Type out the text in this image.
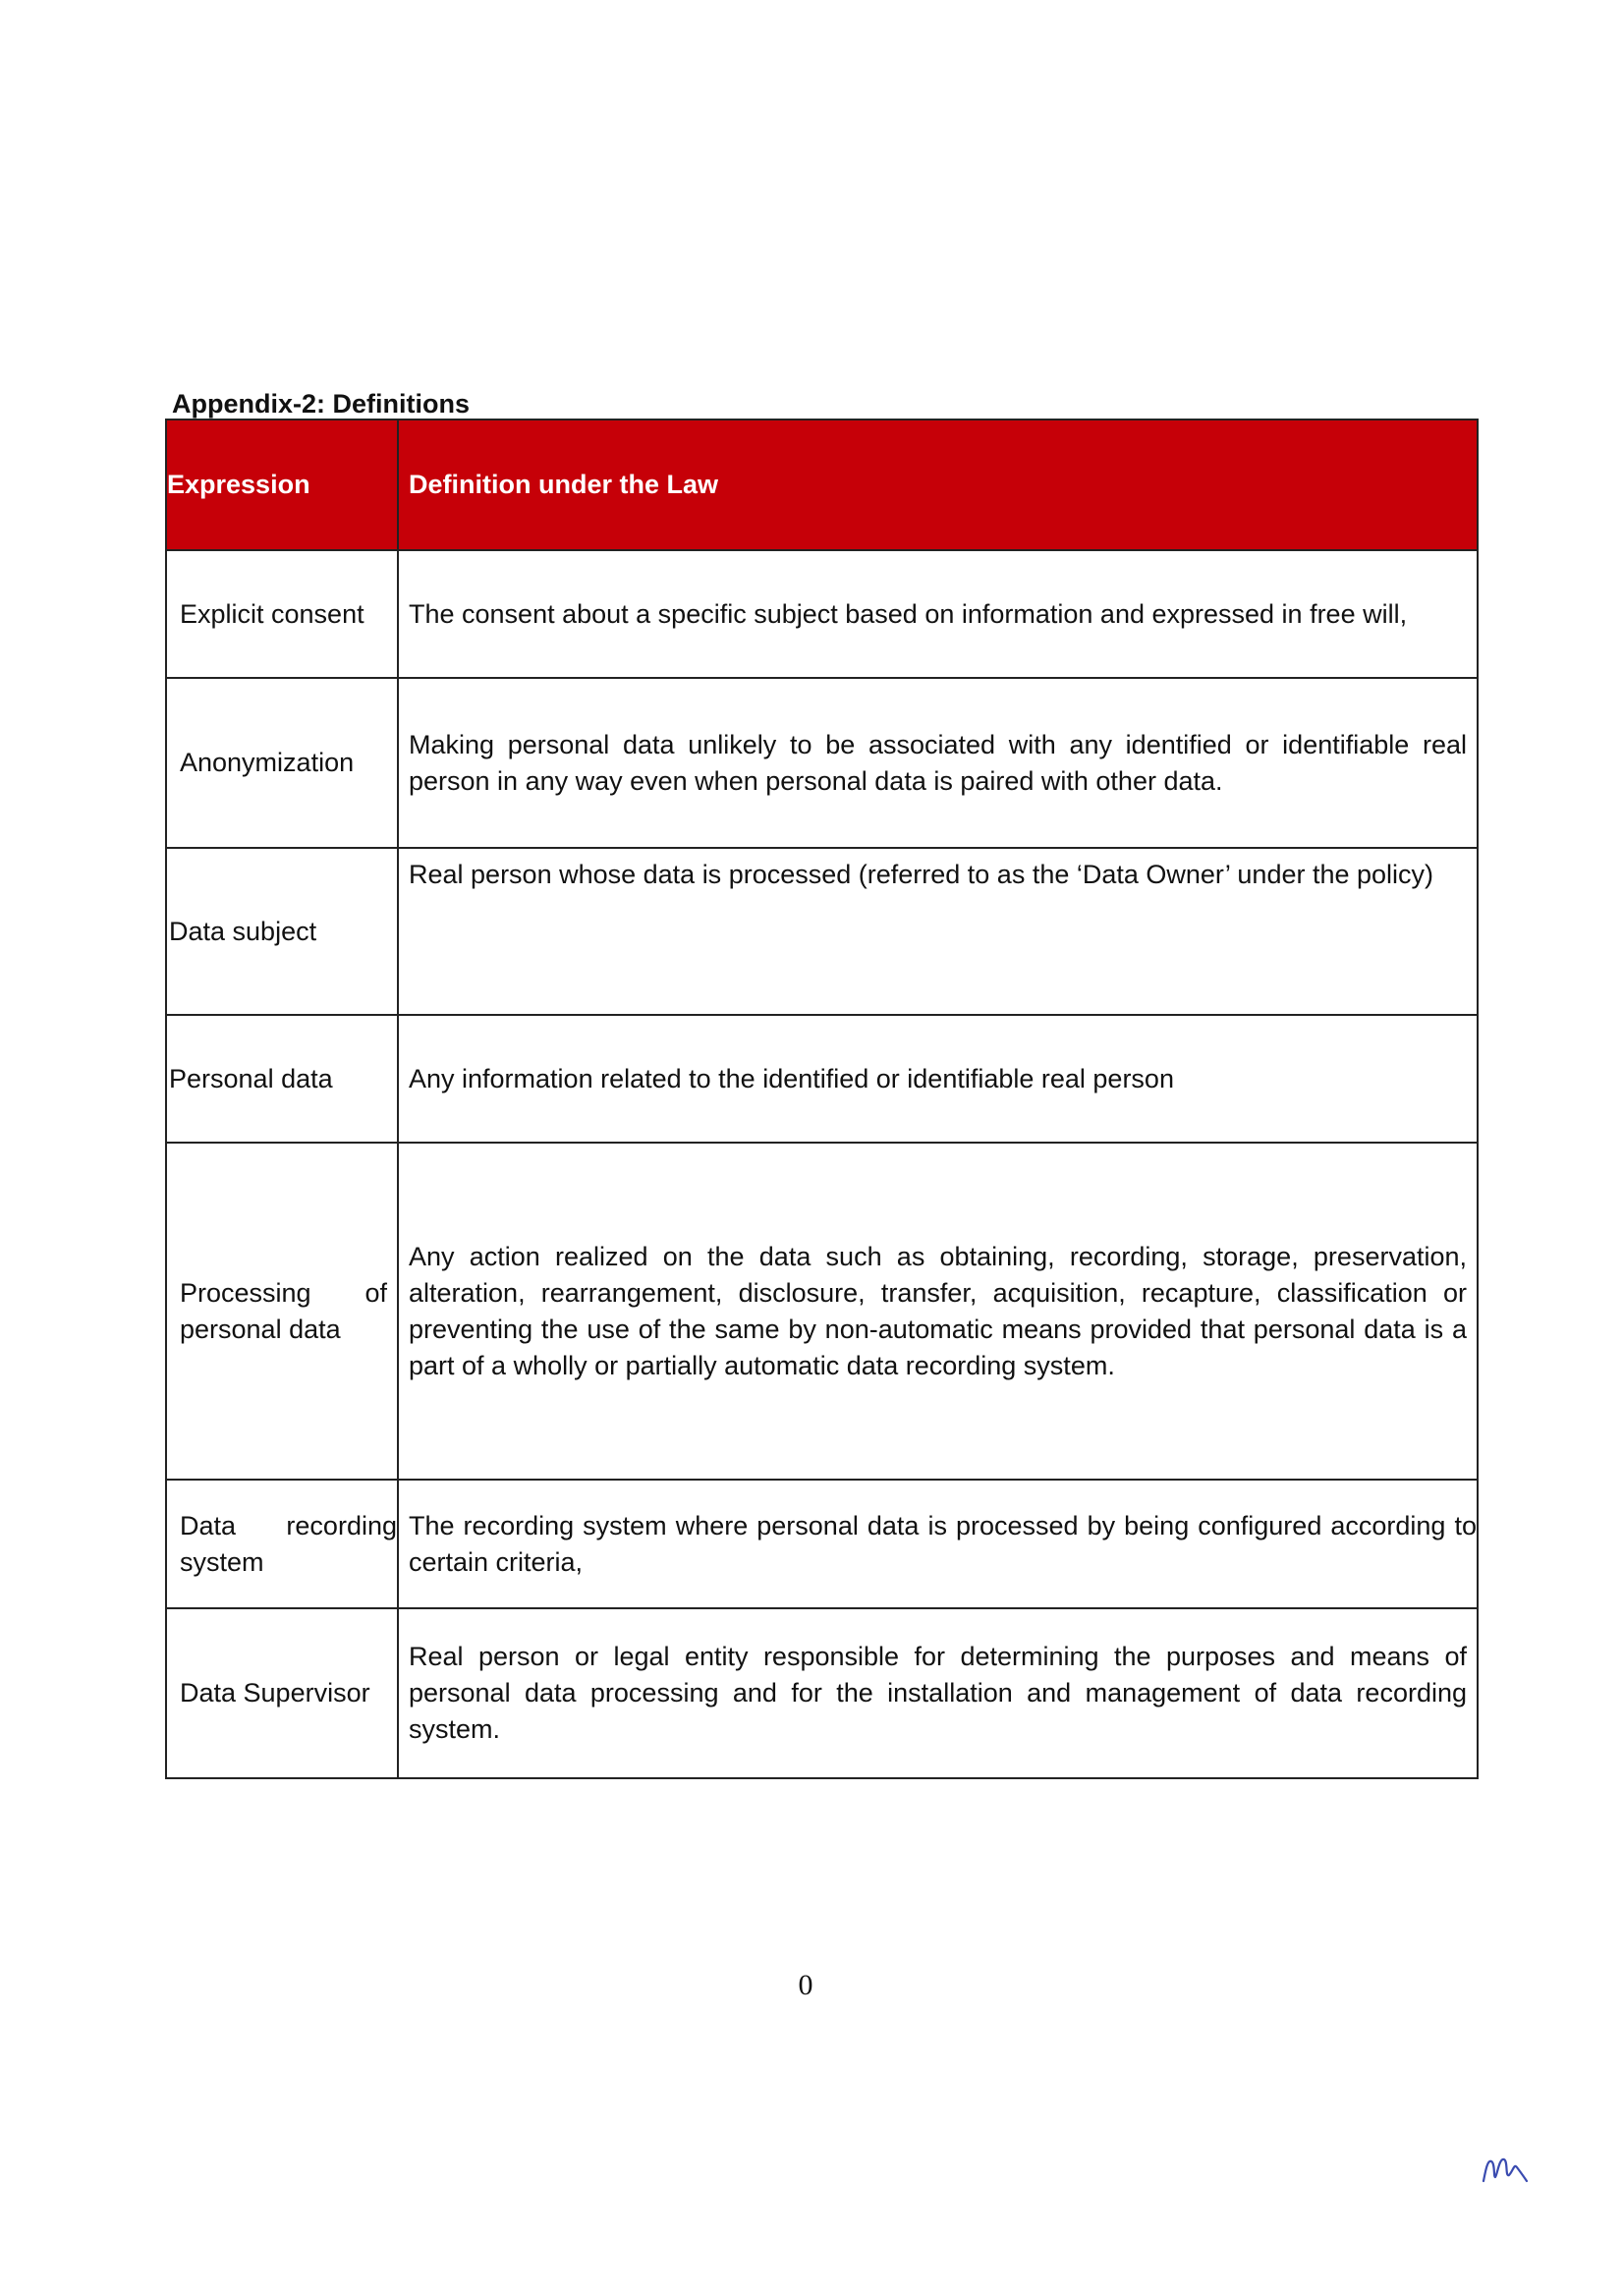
Appendix-2: Definitions
Expression	Definition under the Law
Explicit consent	The consent about a specific subject based on information and expressed in free will,
Anonymization	Making personal data unlikely to be associated with any identified or identifiable real person in any way even when personal data is paired with other data.
Data subject	Real person whose data is processed (referred to as the ‘Data Owner’ under the policy)
Personal data	Any information related to the identified or identifiable real person
Processing of personal data	Any action realized on the data such as obtaining, recording, storage, preservation, alteration, rearrangement, disclosure, transfer, acquisition, recapture, classification or preventing the use of the same by non-automatic means provided that personal data is a part of a wholly or partially automatic data recording system.
Data recording system	The recording system where personal data is processed by being configured according to certain criteria,
Data Supervisor	Real person or legal entity responsible for determining the purposes and means of personal data processing and for the installation and management of data recording system.
0
